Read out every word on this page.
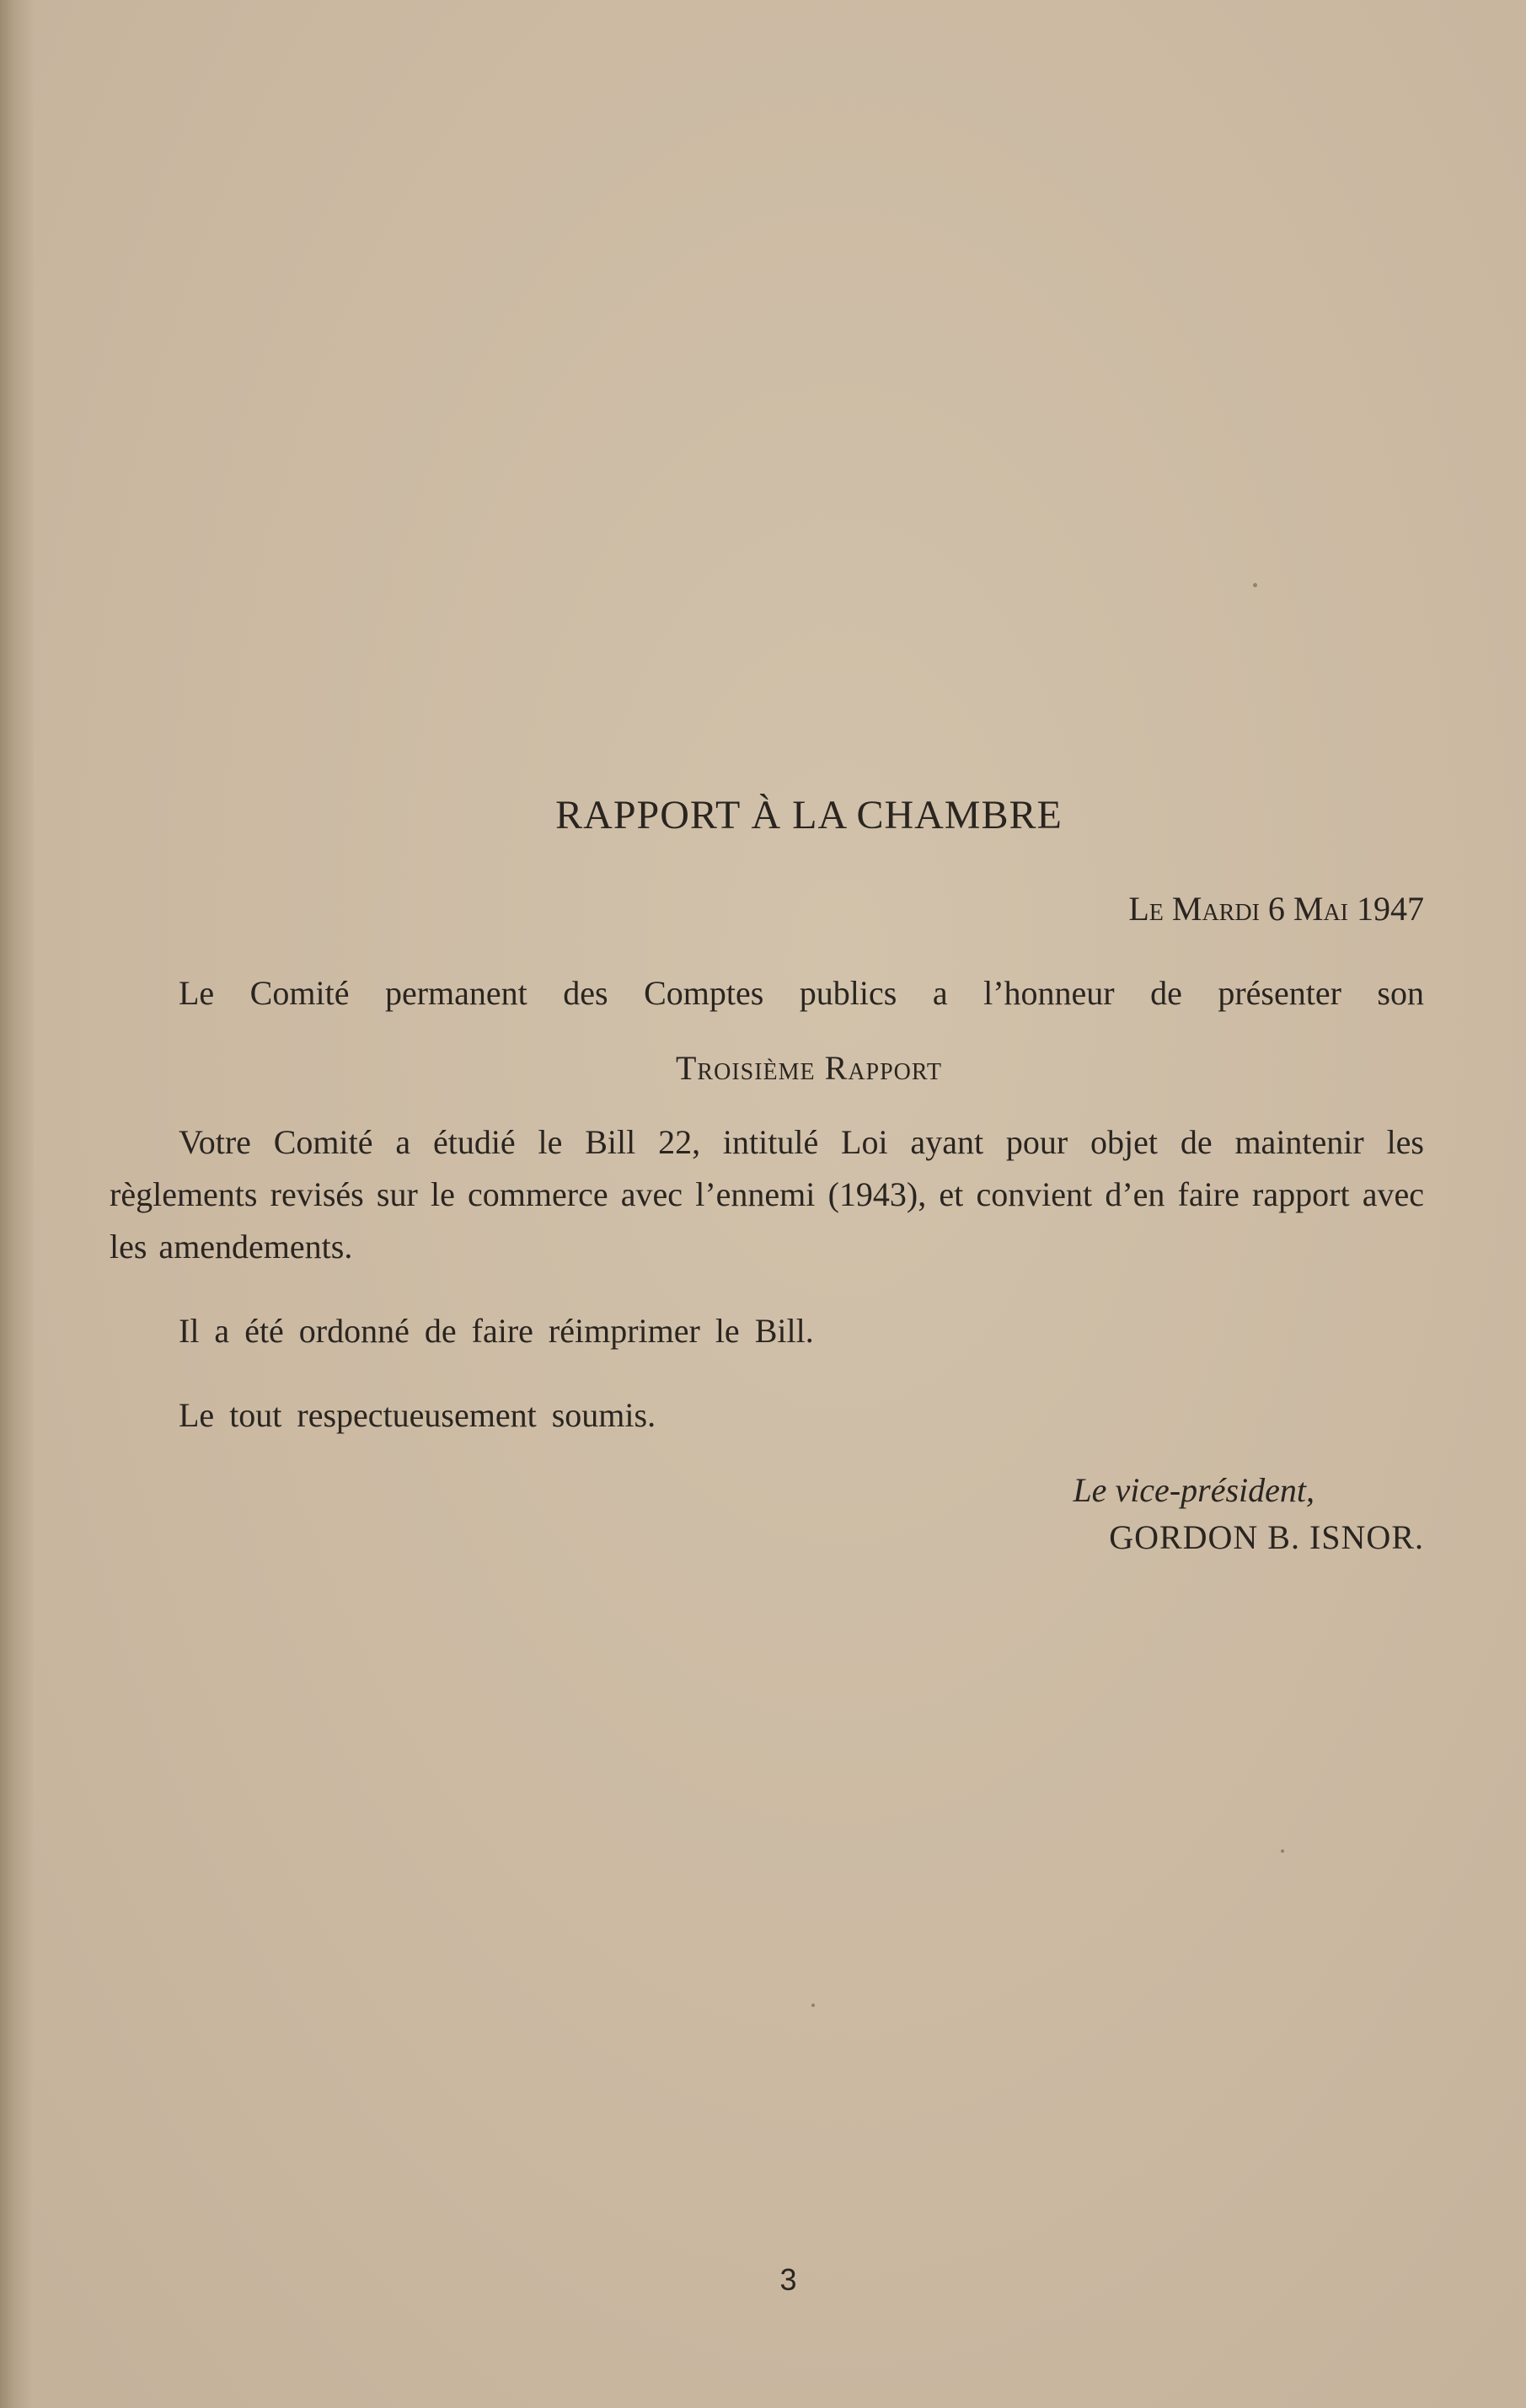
RAPPORT À LA CHAMBRE
Le Mardi 6 Mai 1947

Le Comité permanent des Comptes publics a l’honneur de présenter son

Troisième Rapport

Votre Comité a étudié le Bill 22, intitulé Loi ayant pour objet de maintenir les règlements revisés sur le commerce avec l’ennemi (1943), et convient d’en faire rapport avec les amendements.

Il a été ordonné de faire réimprimer le Bill.

Le tout respectueusement soumis.

Le vice-président,
GORDON B. ISNOR.
3
